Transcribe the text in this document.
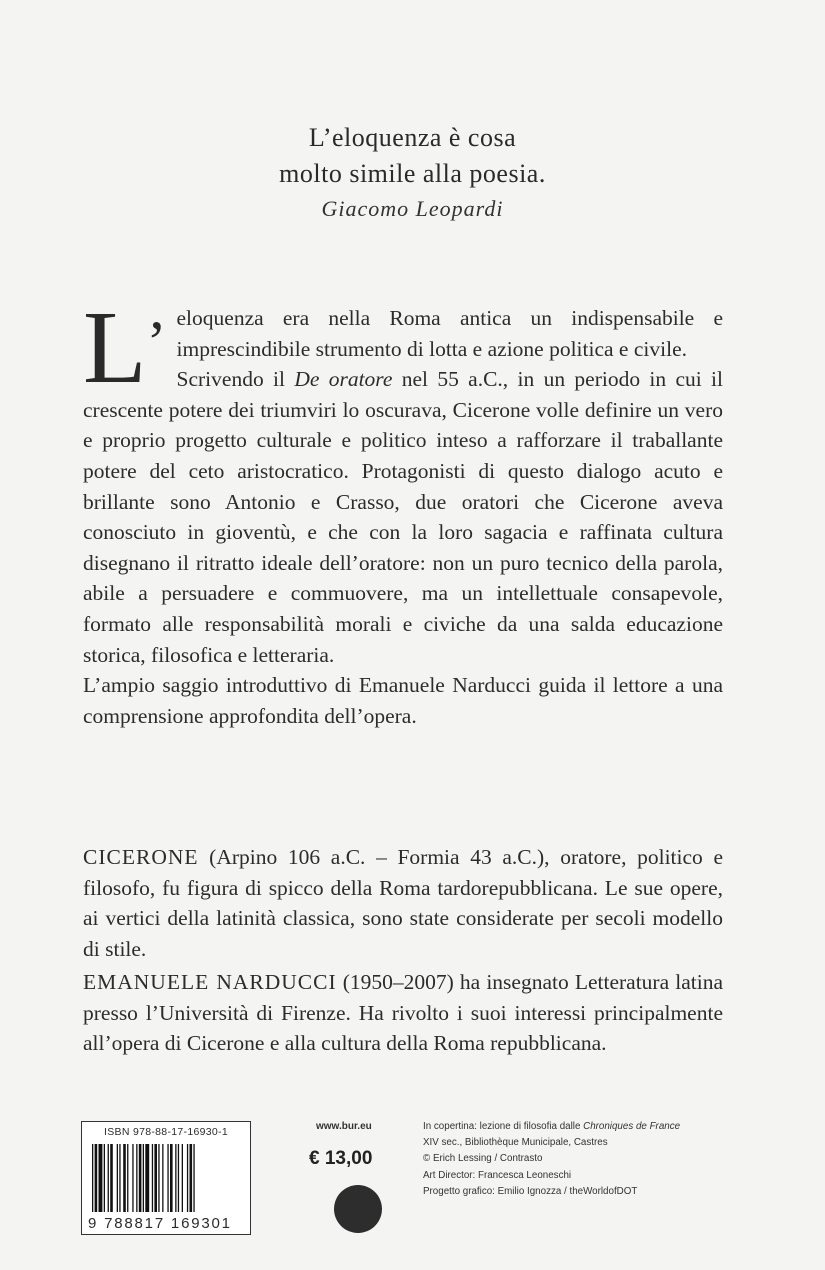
L’eloquenza è cosa
molto simile alla poesia.
Giacomo Leopardi

L’ eloquenza era nella Roma antica un indispensabile e imprescindibile strumento di lotta e azione politica e civile.

Scrivendo il De oratore nel 55 a.C., in un periodo in cui il crescente potere dei triumviri lo oscurava, Cicerone volle definire un vero e proprio progetto culturale e politico inteso a rafforzare il traballante potere del ceto aristocratico. Protagonisti di questo dialogo acuto e brillante sono Antonio e Crasso, due oratori che Cicerone aveva conosciuto in gioventù, e che con la loro sagacia e raffinata cultura disegnano il ritratto ideale dell’oratore: non un puro tecnico della parola, abile a persuadere e commuovere, ma un intellettuale consapevole, formato alle responsabilità morali e civiche da una salda educazione storica, filosofica e letteraria.

L’ampio saggio introduttivo di Emanuele Narducci guida il lettore a una comprensione approfondita dell’opera.

CICERONE (Arpino 106 a.C. – Formia 43 a.C.), oratore, politico e filosofo, fu figura di spicco della Roma tardorepubblicana. Le sue opere, ai vertici della latinità classica, sono state considerate per secoli modello di stile.
EMANUELE NARDUCCI (1950–2007) ha insegnato Letteratura latina presso l’Università di Firenze. Ha rivolto i suoi interessi principalmente all’opera di Cicerone e alla cultura della Roma repubblicana.
ISBN 978-88-17-16930-1
9 788817 169301
www.bur.eu
€ 13,00
In copertina: lezione di filosofia dalle Chroniques de France
XIV sec., Bibliothèque Municipale, Castres
© Erich Lessing / Contrasto
Art Director: Francesca Leoneschi
Progetto grafico: Emilio Ignozza / theWorldofDOT
